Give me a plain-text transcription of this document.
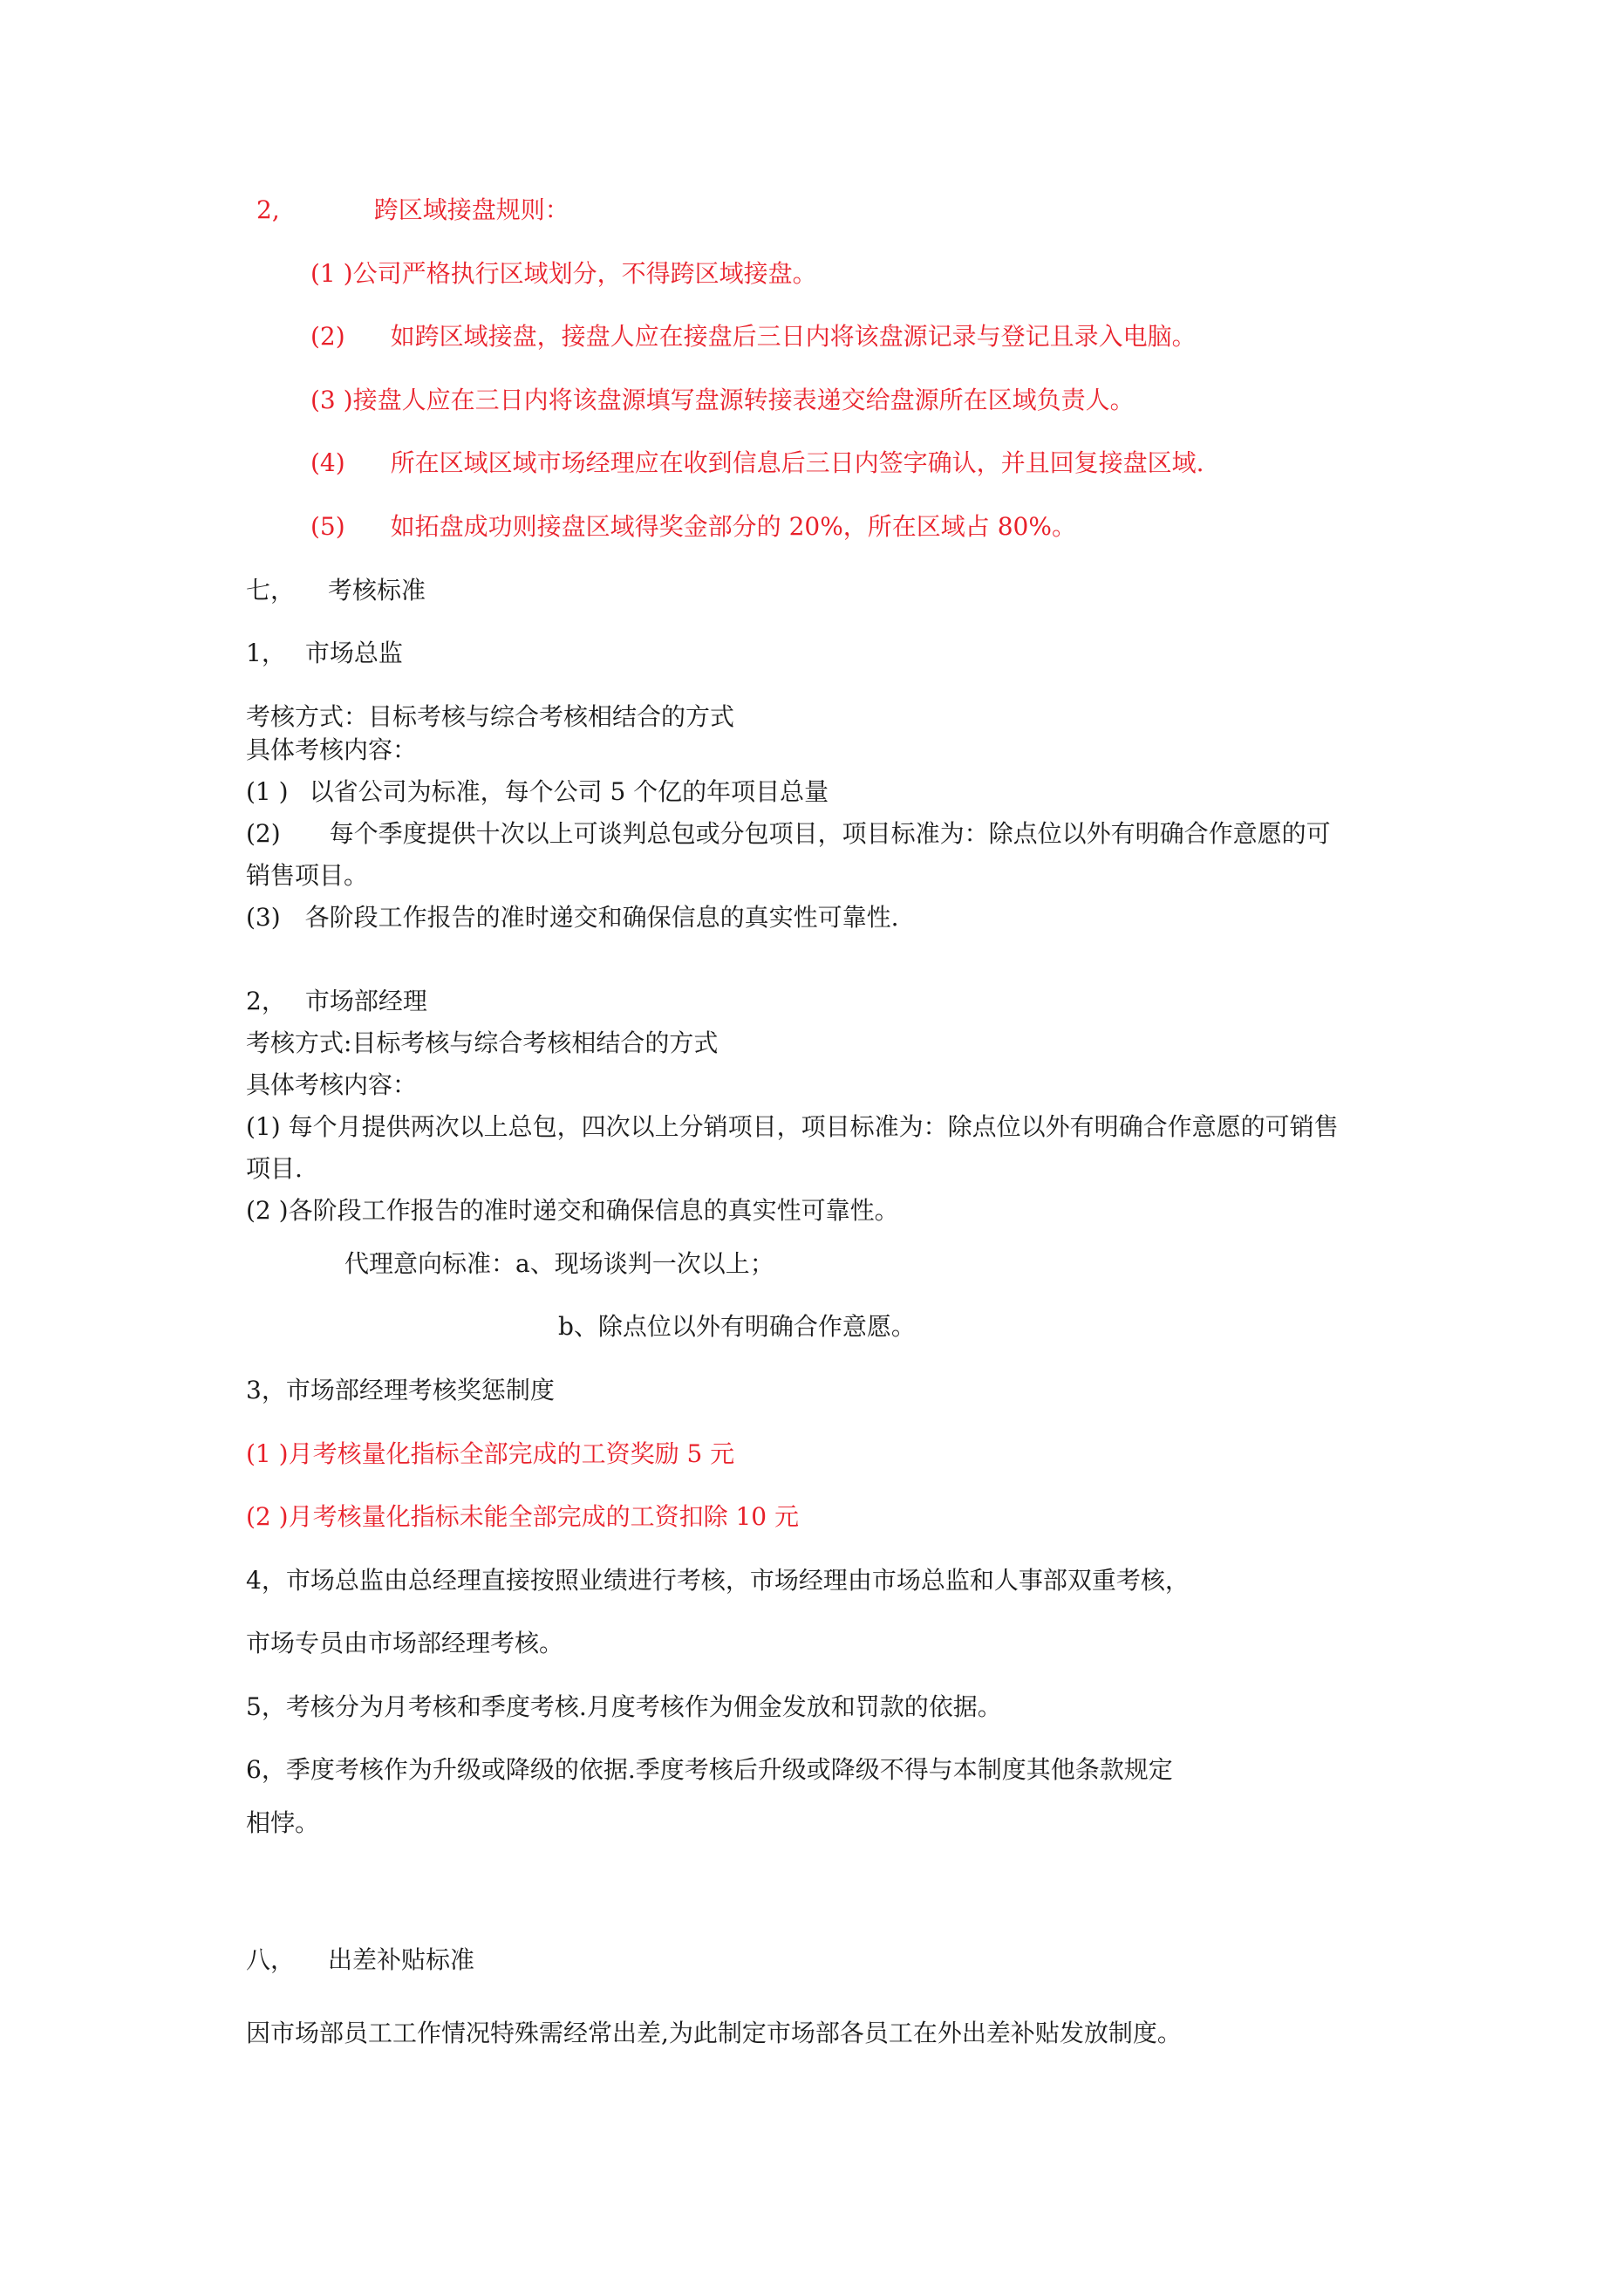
2,	跨区域接盘规则：

(1 )公司严格执行区域划分，不得跨区域接盘。

(2) 如跨区域接盘，接盘人应在接盘后三日内将该盘源记录与登记且录入电脑。

(3 )接盘人应在三日内将该盘源填写盘源转接表递交给盘源所在区域负责人。

(4) 所在区域区域市场经理应在收到信息后三日内签字确认，并且回复接盘区域.

(5) 如拓盘成功则接盘区域得奖金部分的 20%，所在区域占 80%。

七， 考核标准

1， 市场总监

考核方式：目标考核与综合考核相结合的方式

具体考核内容：

(1 ) 以省公司为标准，每个公司 5 个亿的年项目总量

(2) 每个季度提供十次以上可谈判总包或分包项目，项目标准为：除点位以外有明确合作意愿的可

销售项目。

(3) 各阶段工作报告的准时递交和确保信息的真实性可靠性.

2， 市场部经理

考核方式:目标考核与综合考核相结合的方式

具体考核内容：

(1) 每个月提供两次以上总包，四次以上分销项目，项目标准为：除点位以外有明确合作意愿的可销售

项目.

(2 )各阶段工作报告的准时递交和确保信息的真实性可靠性。

代理意向标准：a、现场谈判一次以上；

b、除点位以外有明确合作意愿。

3，市场部经理考核奖惩制度

(1 )月考核量化指标全部完成的工资奖励 5 元

(2 )月考核量化指标未能全部完成的工资扣除 10 元

4，市场总监由总经理直接按照业绩进行考核，市场经理由市场总监和人事部双重考核，

市场专员由市场部经理考核。

5，考核分为月考核和季度考核.月度考核作为佣金发放和罚款的依据。

6，季度考核作为升级或降级的依据.季度考核后升级或降级不得与本制度其他条款规定

相悖。

八， 出差补贴标准

因市场部员工工作情况特殊需经常出差,为此制定市场部各员工在外出差补贴发放制度。
